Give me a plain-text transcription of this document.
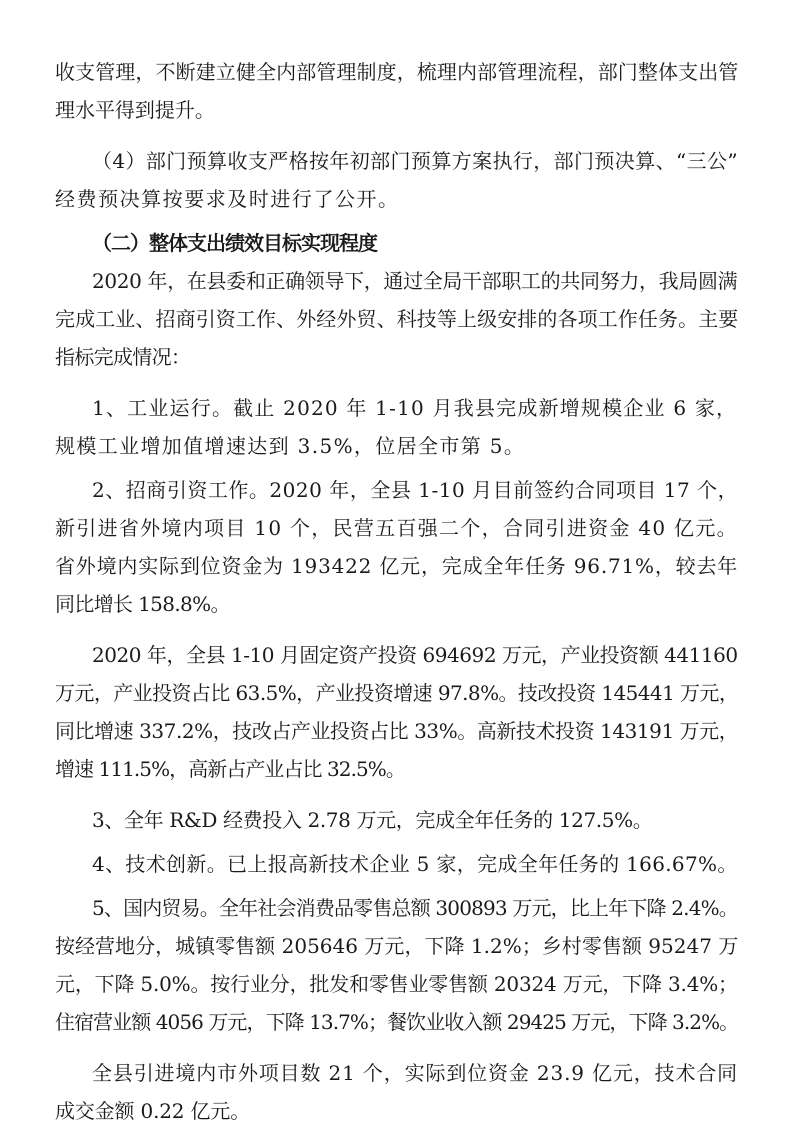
收支管理，不断建立健全内部管理制度，梳理内部管理流程，部门整体支出管
理水平得到提升。
（4）部门预算收支严格按年初部门预算方案执行，部门预决算、“三公”
经费预决算按要求及时进行了公开。
（二）整体支出绩效目标实现程度
2020 年，在县委和正确领导下，通过全局干部职工的共同努力，我局圆满
完成工业、招商引资工作、外经外贸、科技等上级安排的各项工作任务。主要
指标完成情况：
1、工业运行。截止 2020 年 1-10 月我县完成新增规模企业 6 家，
规模工业增加值增速达到 3.5%，位居全市第 5。
2、招商引资工作。2020 年，全县 1-10 月目前签约合同项目 17 个，
新引进省外境内项目 10 个，民营五百强二个，合同引进资金 40 亿元。
省外境内实际到位资金为 193422 亿元，完成全年任务 96.71%，较去年
同比增长 158.8%。
2020 年，全县 1-10 月固定资产投资 694692 万元，产业投资额 441160
万元，产业投资占比 63.5%，产业投资增速 97.8%。技改投资 145441 万元，
同比增速 337.2%，技改占产业投资占比 33%。高新技术投资 143191 万元，
增速 111.5%，高新占产业占比 32.5%。
3、全年 R&D 经费投入 2.78 万元，完成全年任务的 127.5%。
4、技术创新。已上报高新技术企业 5 家，完成全年任务的 166.67%。
5、国内贸易。全年社会消费品零售总额 300893 万元，比上年下降 2.4%。
按经营地分，城镇零售额 205646 万元，下降 1.2%；乡村零售额 95247 万
元，下降 5.0%。按行业分，批发和零售业零售额 20324 万元，下降 3.4%；
住宿营业额 4056 万元，下降 13.7%；餐饮业收入额 29425 万元，下降 3.2%。
全县引进境内市外项目数 21 个，实际到位资金 23.9 亿元，技术合同
成交金额 0.22 亿元。
